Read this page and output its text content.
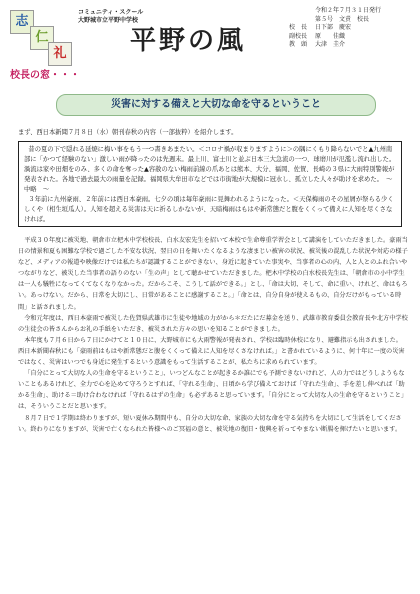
志
仁
礼
コミュニティ・スクール
大野城市立平野中学校
平野の風
令和２年７月３１日発行
第５号　文責　校長
校　長	日下部　慶宏
副校長	原　　佳織
教　頭	大津　圭介
校長の窓・・・
災害に対する備えと大切な命を守るということ
まず、西日本新聞７月８日（水）朝刊春秋の内容（一部抜粋）を紹介します。

昔の夏の下で隠れる延焼に梅い事をもう一つ書きあまたい。＜コロナ禍が収まりますように＞の隅にくもり降らないでと▲九州南部に「かつて経験のない」激しい雨が降ったのは先週末。最上川、富士川と並ぶ日本三大急流の一つ、球磨川が氾濫し流れ出した。渦流は家や田畑をのみ、多くの命を奪った▲容赦のない梅雨前線の爪あとは熊本、大分、福岡、佐賀、長崎の３県に大雨特別警報が発表された。各地で過去最大の雨量を記録。福岡県大牟田市などでは市街地が大規模に冠水し、孤立した人々が助けを求めた。　～　中略　～

３年前に九州豪雨、２年前には西日本豪雨。七夕の頃は毎年豪雨に見舞われるようになった。＜天保梅雨のその星屑が祭らる少くしくや（相生垣瓜人）。人知を超える災害は天に祈るしかないが、天暗梅雨はもはや新常態だと腹をくくって備えに人知を尽くさなければ。

平成３０年度に被災地、朝倉市立杷木中学校校長、白水友宏先生を招いて本校で生命尊重学習会として講演をしていただきました。豪雨当日の情景和夏も困難な学校で過ごした不安な状況、翌日の日を舞いたくなるような凄まじい被害の状況、被災後の混乱した状況や対応の様子など、メディアの報道や映像だけでは私たちが認識することができない、身近に起きていた事実や、当事者の心の内、人と人とのふれ合いやつながりなど、被災した当事者の語りのない「生の声」として聴かせていただきました。杷木中学校の白水校長先生は、「朝倉市の小中学生は一人も犠牲になってくてなくなりなかった。だからこそ、こうして話ができる。」とし、「命は大切、そして、命に重い、けれど、命はもろい。あっけない。だから、日常を大切にし、日常があることに感謝すること。」「命とは、自分自身が使えるもの、自分だけがもっている時間」と話されました。

令和元年度は、西日本豪雨で被災した佐賀県武雄市に生徒や地域の力がから＊だたにだ募金を送り、武雄市教育委員会教育長や北方中学校の生徒会の皆さんからお礼の手紙をいただき、被災された方々の思いを知ることができました。

本年度も７月６日から７日にかけてと１０日に、大野城市にも大雨警報が発表され、学校は臨時休校になり、避難指示も出されました。西日本新聞春秋にも「豪雨前はもはや新常態だと腹をくくって備えに人知を尽くさなければ。」と書かれているように、何十年に一度の災害ではなく、災害はいつでも身近に発生するという意識をもって生活することが、私たちに求められています。

「自分にとって大切な人の生命を守るということ」、いつどんなことが起きるか誰にでも予測できないけれど、人の力ではどうしようもないこともあるけれど、全力で心を込めて守ろうとすれば、「守れる生命」、日頃から学び備えておけば「守れた生命」、手を差し伸べれば「助かる生命」、助ける＝助け合わなければ「守れるはずの生命」も必ずあると思っています。「自分にとって大切な人の生命を守るということ」は、そういうことだと思います。

８月７日で１学期は終わりますが、短い夏休み期間中も、自分の大切な命、家族の大切な命を守る気持ちを大切にして生活をしてください。終わりになりますが、災害で亡くなられた皆様へのご冥福の意と、被災地の復旧・復興を祈ってやまない断腸を揮げたいと思います。
